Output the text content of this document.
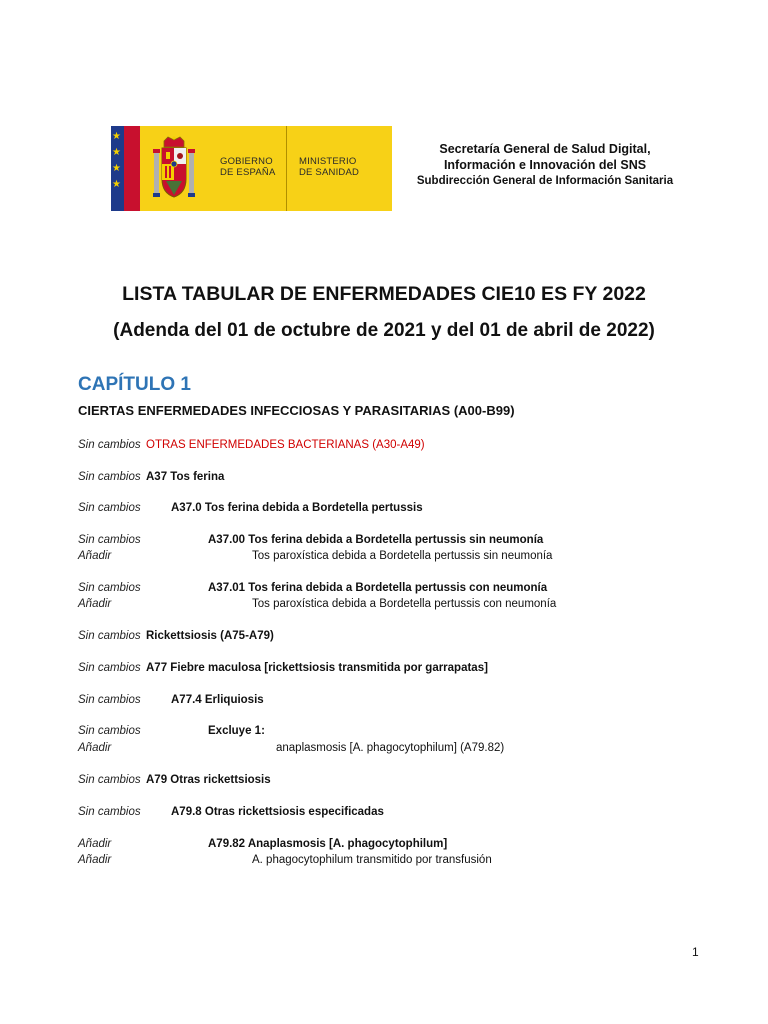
★
★
★
★
GOBIERNO
DE ESPAÑA
MINISTERIO
DE SANIDAD
Secretaría General de Salud Digital,
Información e Innovación del SNS
Subdirección General de Información Sanitaria
LISTA TABULAR DE ENFERMEDADES CIE10 ES FY 2022
(Adenda del 01 de octubre de 2021 y del 01 de abril de 2022)
CAPÍTULO 1
CIERTAS ENFERMEDADES INFECCIOSAS Y PARASITARIAS (A00-B99)
Sin cambios OTRAS ENFERMEDADES BACTERIANAS (A30-A49)
Sin cambios A37 Tos ferina
Sin cambios	A37.0 Tos ferina debida a Bordetella pertussis
Sin cambios	A37.00 Tos ferina debida a Bordetella pertussis sin neumonía
Añadir	Tos paroxística debida a Bordetella pertussis sin neumonía
Sin cambios	A37.01 Tos ferina debida a Bordetella pertussis con neumonía
Añadir	Tos paroxística debida a Bordetella pertussis con neumonía
Sin cambios Rickettsiosis (A75-A79)
Sin cambios A77 Fiebre maculosa [rickettsiosis transmitida por garrapatas]
Sin cambios	A77.4 Erliquiosis
Sin cambios	Excluye 1:
Añadir	anaplasmosis [A. phagocytophilum] (A79.82)
Sin cambios A79 Otras rickettsiosis
Sin cambios	A79.8 Otras rickettsiosis especificadas
Añadir	A79.82 Anaplasmosis [A. phagocytophilum]
Añadir	A. phagocytophilum transmitido por transfusión
1
